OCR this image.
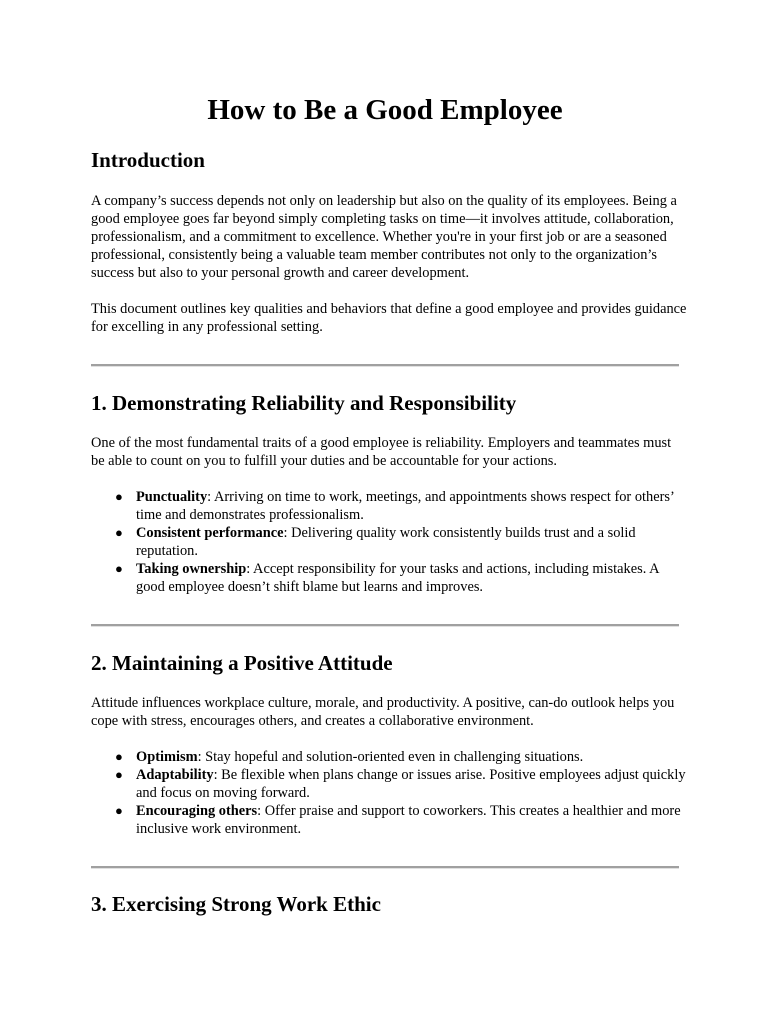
How to Be a Good Employee
Introduction

A company’s success depends not only on leadership but also on the quality of its employees. Being a good employee goes far beyond simply completing tasks on time—it involves attitude, collaboration, professionalism, and a commitment to excellence. Whether you're in your first job or are a seasoned professional, consistently being a valuable team member contributes not only to the organization’s success but also to your personal growth and career development.

This document outlines key qualities and behaviors that define a good employee and provides guidance for excelling in any professional setting.

1. Demonstrating Reliability and Responsibility

One of the most fundamental traits of a good employee is reliability. Employers and teammates must be able to count on you to fulfill your duties and be accountable for your actions.

● Punctuality: Arriving on time to work, meetings, and appointments shows respect for others’ time and demonstrates professionalism.
● Consistent performance: Delivering quality work consistently builds trust and a solid reputation.
● Taking ownership: Accept responsibility for your tasks and actions, including mistakes. A good employee doesn’t shift blame but learns and improves.
2. Maintaining a Positive Attitude

Attitude influences workplace culture, morale, and productivity. A positive, can-do outlook helps you cope with stress, encourages others, and creates a collaborative environment.

● Optimism: Stay hopeful and solution-oriented even in challenging situations.
● Adaptability: Be flexible when plans change or issues arise. Positive employees adjust quickly and focus on moving forward.
● Encouraging others: Offer praise and support to coworkers. This creates a healthier and more inclusive work environment.
3. Exercising Strong Work Ethic
